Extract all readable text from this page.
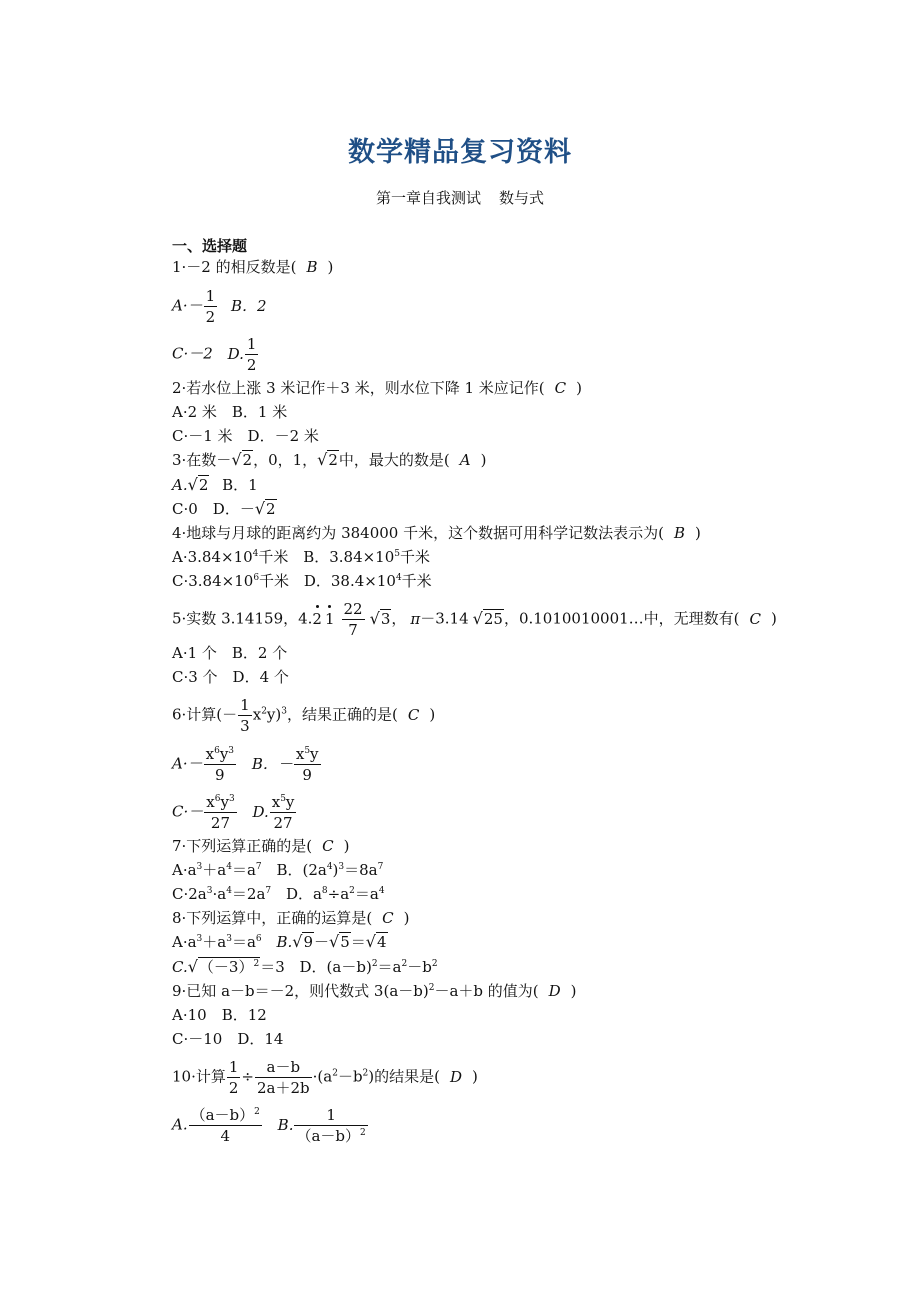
数学精品复习资料
第一章自我测试 数与式
一、选择题
1·－2 的相反数是( B )
$A\cdot- \frac{1}{2}$ B．2
C·－2 D. $\frac{1}{2}$
2·若水位上涨 3 米记作＋3 米，则水位下降 1 米应记作( C )
A·2 米　B．1 米
C·－1 米　D．－2 米
3·在数－√2，0，1，√2中，最大的数是( A )
A.√2 B．1
C·0　D．－√2
4·地球与月球的距离约为 384000 千米，这个数据可用科学记数法表示为( B )
$A\cdot 3.84\times 10^4$千米 B．$3.84\times 10^5$千米
$C\cdot 3.84\times 10^6$千米 D．$38.4\times 10^4$千米
5·实数 3.14159，4.2 $1 \frac{22}{7} √3$， π－3.14 √25，0.1010010001…中，无理数有( C )
A·1 个　B．2 个
C·3 个　D．4 个
6·计算(－ $\frac{1}{3} x^2y)^3$，结果正确的是( C )
$A\cdot- \frac{x^6y^3}{9}$ B．－ $\frac{x^5y}{9}$
$C\cdot- \frac{x^6y^3}{27} D$. $\frac{x^5y}{27}$
7·下列运算正确的是( C )
$A\cdot a^3+a^4=a^7$ B．$(2a^4)^3=8a^7$
$C\cdot 2a^3\cdot a^4=2a^7$ D．$a^8\div a^2=a^4$
8·下列运算中，正确的运算是( C )
$A\cdot a^3+a^3=a^6$ B.√9－√5＝√4
$C.√(-3)^2=3$ D．$(a-b)^2=a^2-b^2$
9·已知 a－b＝－2，则代数式 $3(a-b)^2-a+b$ 的值为( D )
A·10　B．12
C·－10　D．14
10·计算 $\frac{1}{2} \div \frac{a-b}{2a+2b} \cdot(a^2-b^2)$的结果是( D )
A. $\frac{(a-b)^2}{4} B$. $\frac{1}{(a-b)^2}$
